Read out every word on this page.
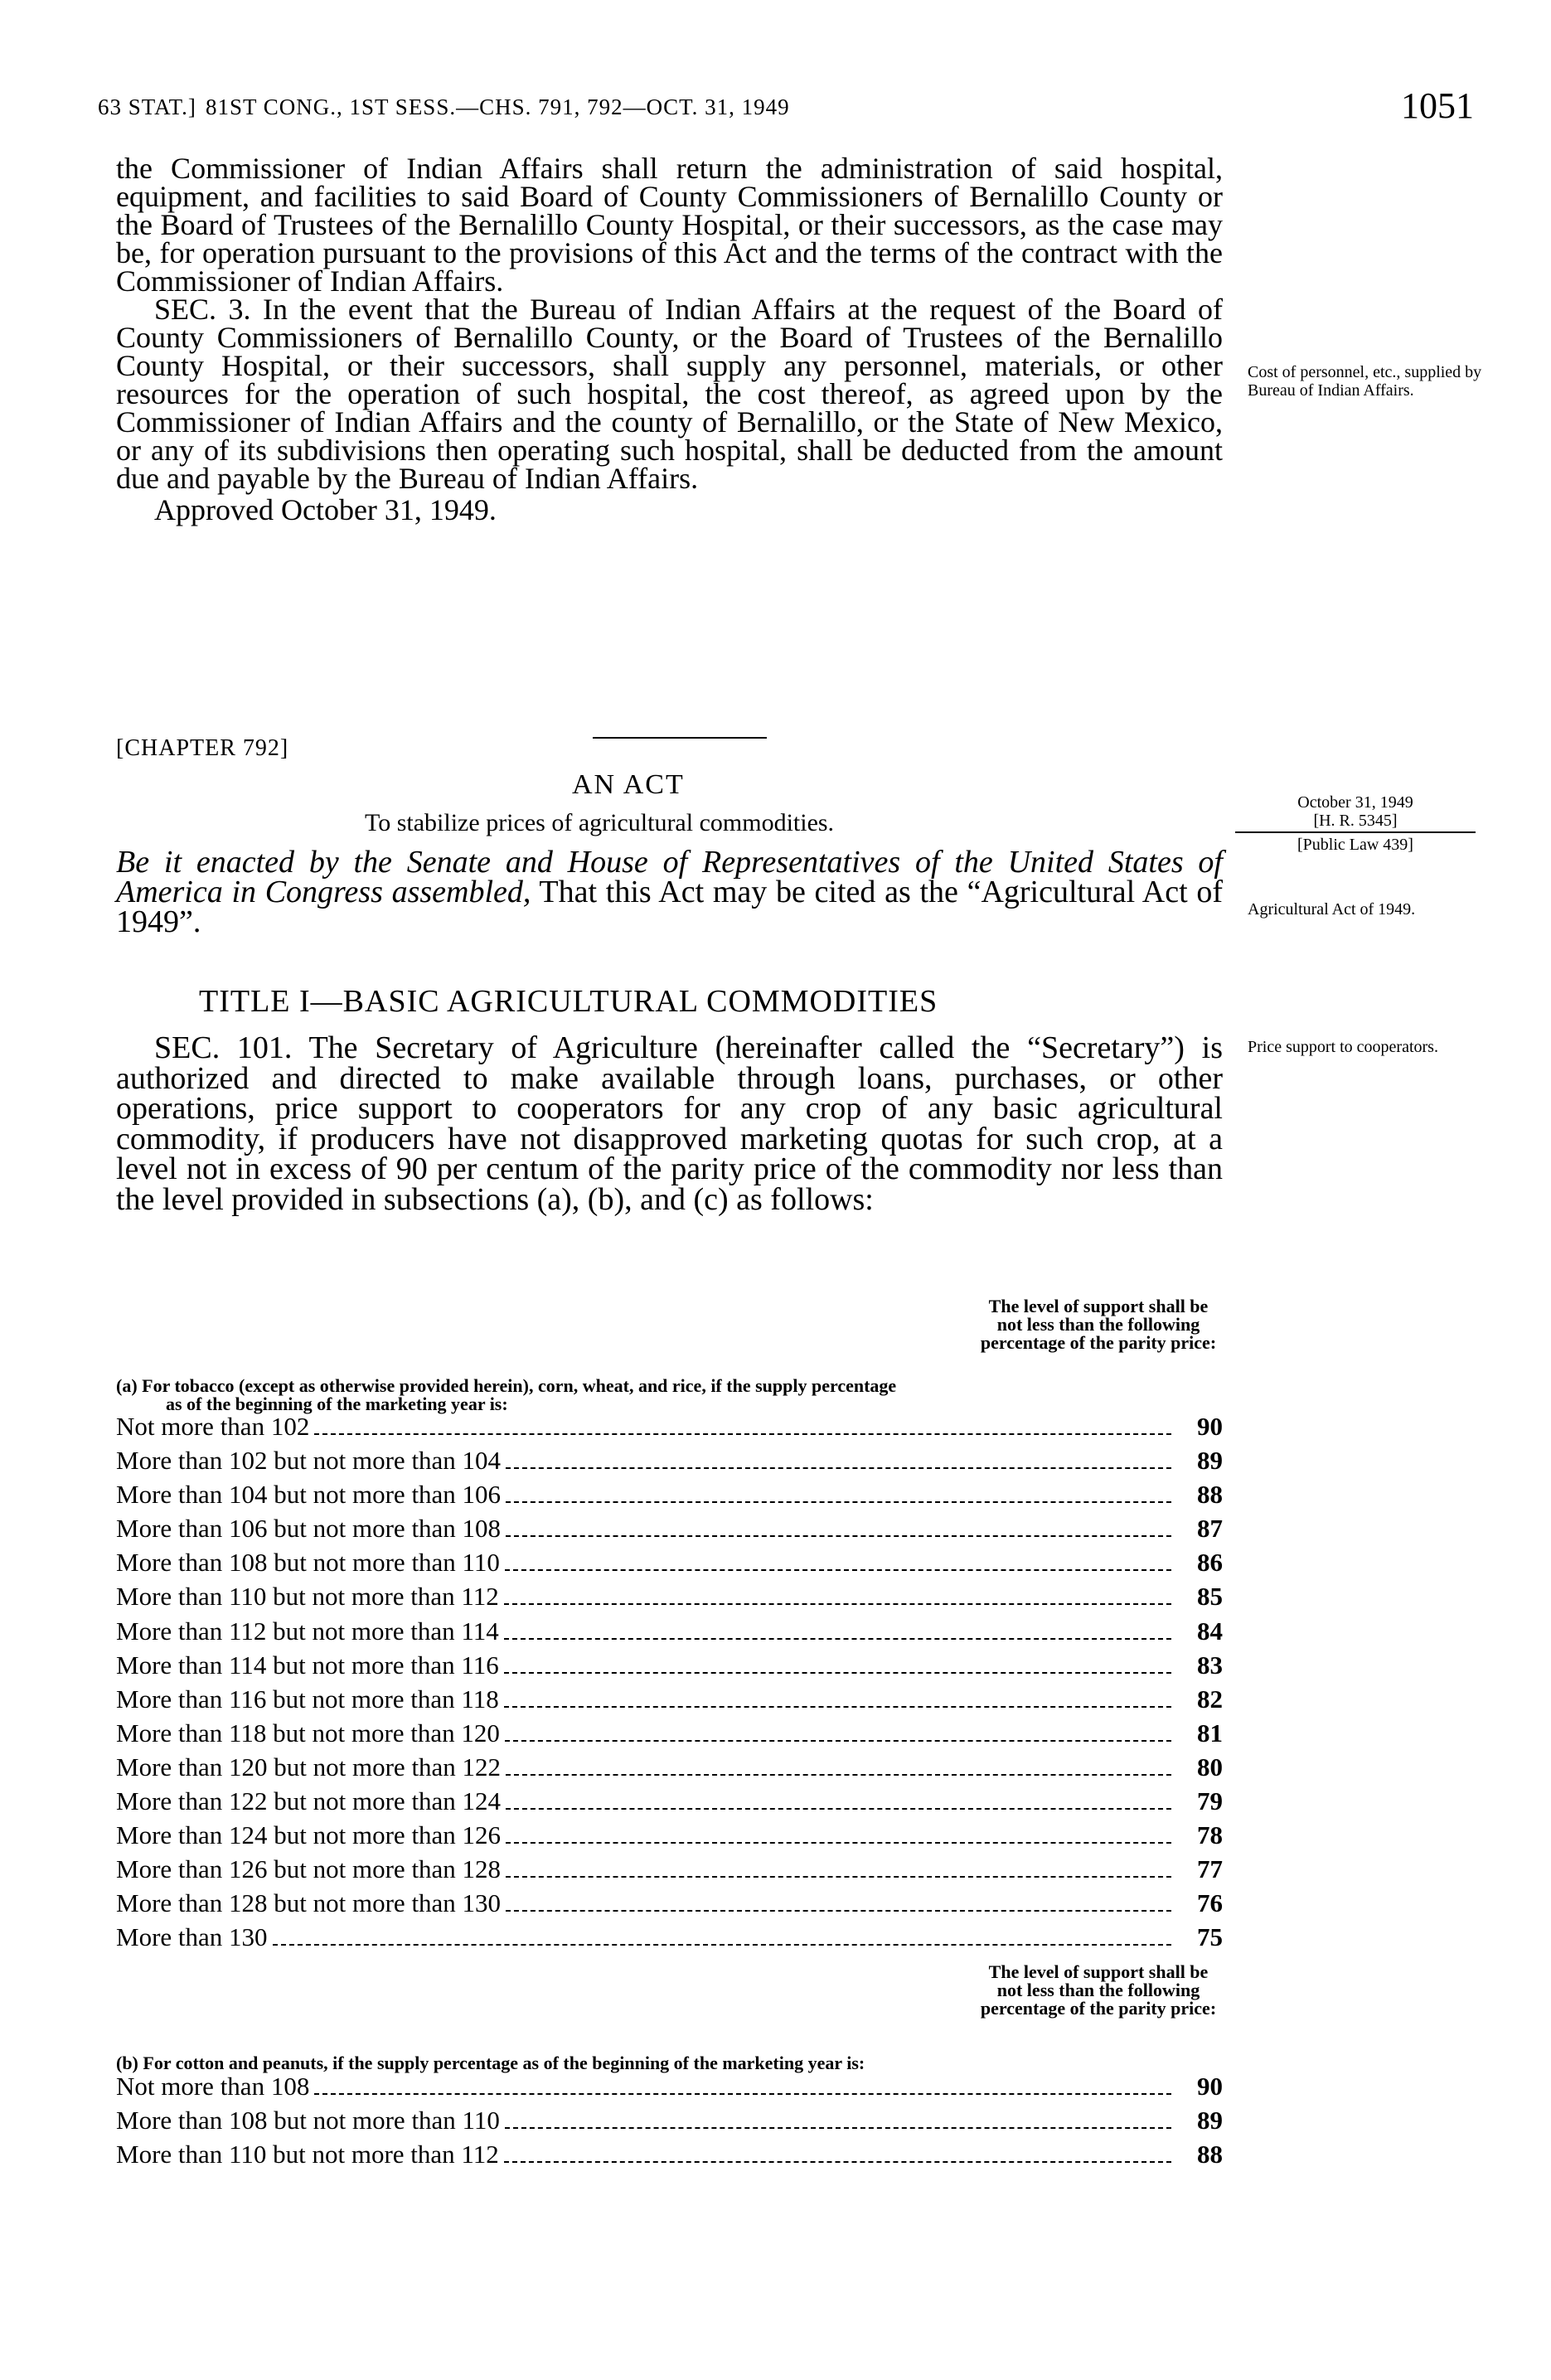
63 STAT.] 81ST CONG., 1ST SESS.—CHS. 791, 792—OCT. 31, 1949	1051

the Commissioner of Indian Affairs shall return the administration of said hospital, equipment, and facilities to said Board of County Commissioners of Bernalillo County or the Board of Trustees of the Bernalillo County Hospital, or their successors, as the case may be, for operation pursuant to the provisions of this Act and the terms of the contract with the Commissioner of Indian Affairs.

SEC. 3. In the event that the Bureau of Indian Affairs at the request of the Board of County Commissioners of Bernalillo County, or the Board of Trustees of the Bernalillo County Hospital, or their successors, shall supply any personnel, materials, or other resources for the operation of such hospital, the cost thereof, as agreed upon by the Commissioner of Indian Affairs and the county of Bernalillo, or the State of New Mexico, or any of its subdivisions then operating such hospital, shall be deducted from the amount due and payable by the Bureau of Indian Affairs.

Approved October 31, 1949.

Cost of personnel, etc., supplied by Bureau of Indian Affairs.
[CHAPTER 792]
AN ACT
To stabilize prices of agricultural commodities.
October 31, 1949
[H. R. 5345]
[Public Law 439]
Be it enacted by the Senate and House of Representatives of the United States of America in Congress assembled, That this Act may be cited as the “Agricultural Act of 1949”.	Agricultural Act of 1949.
TITLE I—BASIC AGRICULTURAL COMMODITIES

SEC. 101. The Secretary of Agriculture (hereinafter called the “Secretary”) is authorized and directed to make available through loans, purchases, or other operations, price support to cooperators for any crop of any basic agricultural commodity, if producers have not disapproved marketing quotas for such crop, at a level not in excess of 90 per centum of the parity price of the commodity nor less than the level provided in subsections (a), (b), and (c) as follows:

Price support to cooperators.
(a) For tobacco (except as otherwise provided herein), corn, wheat, and rice, if the supply percentage as of the beginning of the marketing year is:
The level of support shall be not less than the following percentage of the parity price:
Not more than 102	90
More than 102 but not more than 104	89
More than 104 but not more than 106	88
More than 106 but not more than 108	87
More than 108 but not more than 110	86
More than 110 but not more than 112	85
More than 112 but not more than 114	84
More than 114 but not more than 116	83
More than 116 but not more than 118	82
More than 118 but not more than 120	81
More than 120 but not more than 122	80
More than 122 but not more than 124	79
More than 124 but not more than 126	78
More than 126 but not more than 128	77
More than 128 but not more than 130	76
More than 130	75
(b) For cotton and peanuts, if the supply percentage as of the beginning of the marketing year is:
The level of support shall be not less than the following percentage of the parity price:
Not more than 108	90
More than 108 but not more than 110	89
More than 110 but not more than 112	88
